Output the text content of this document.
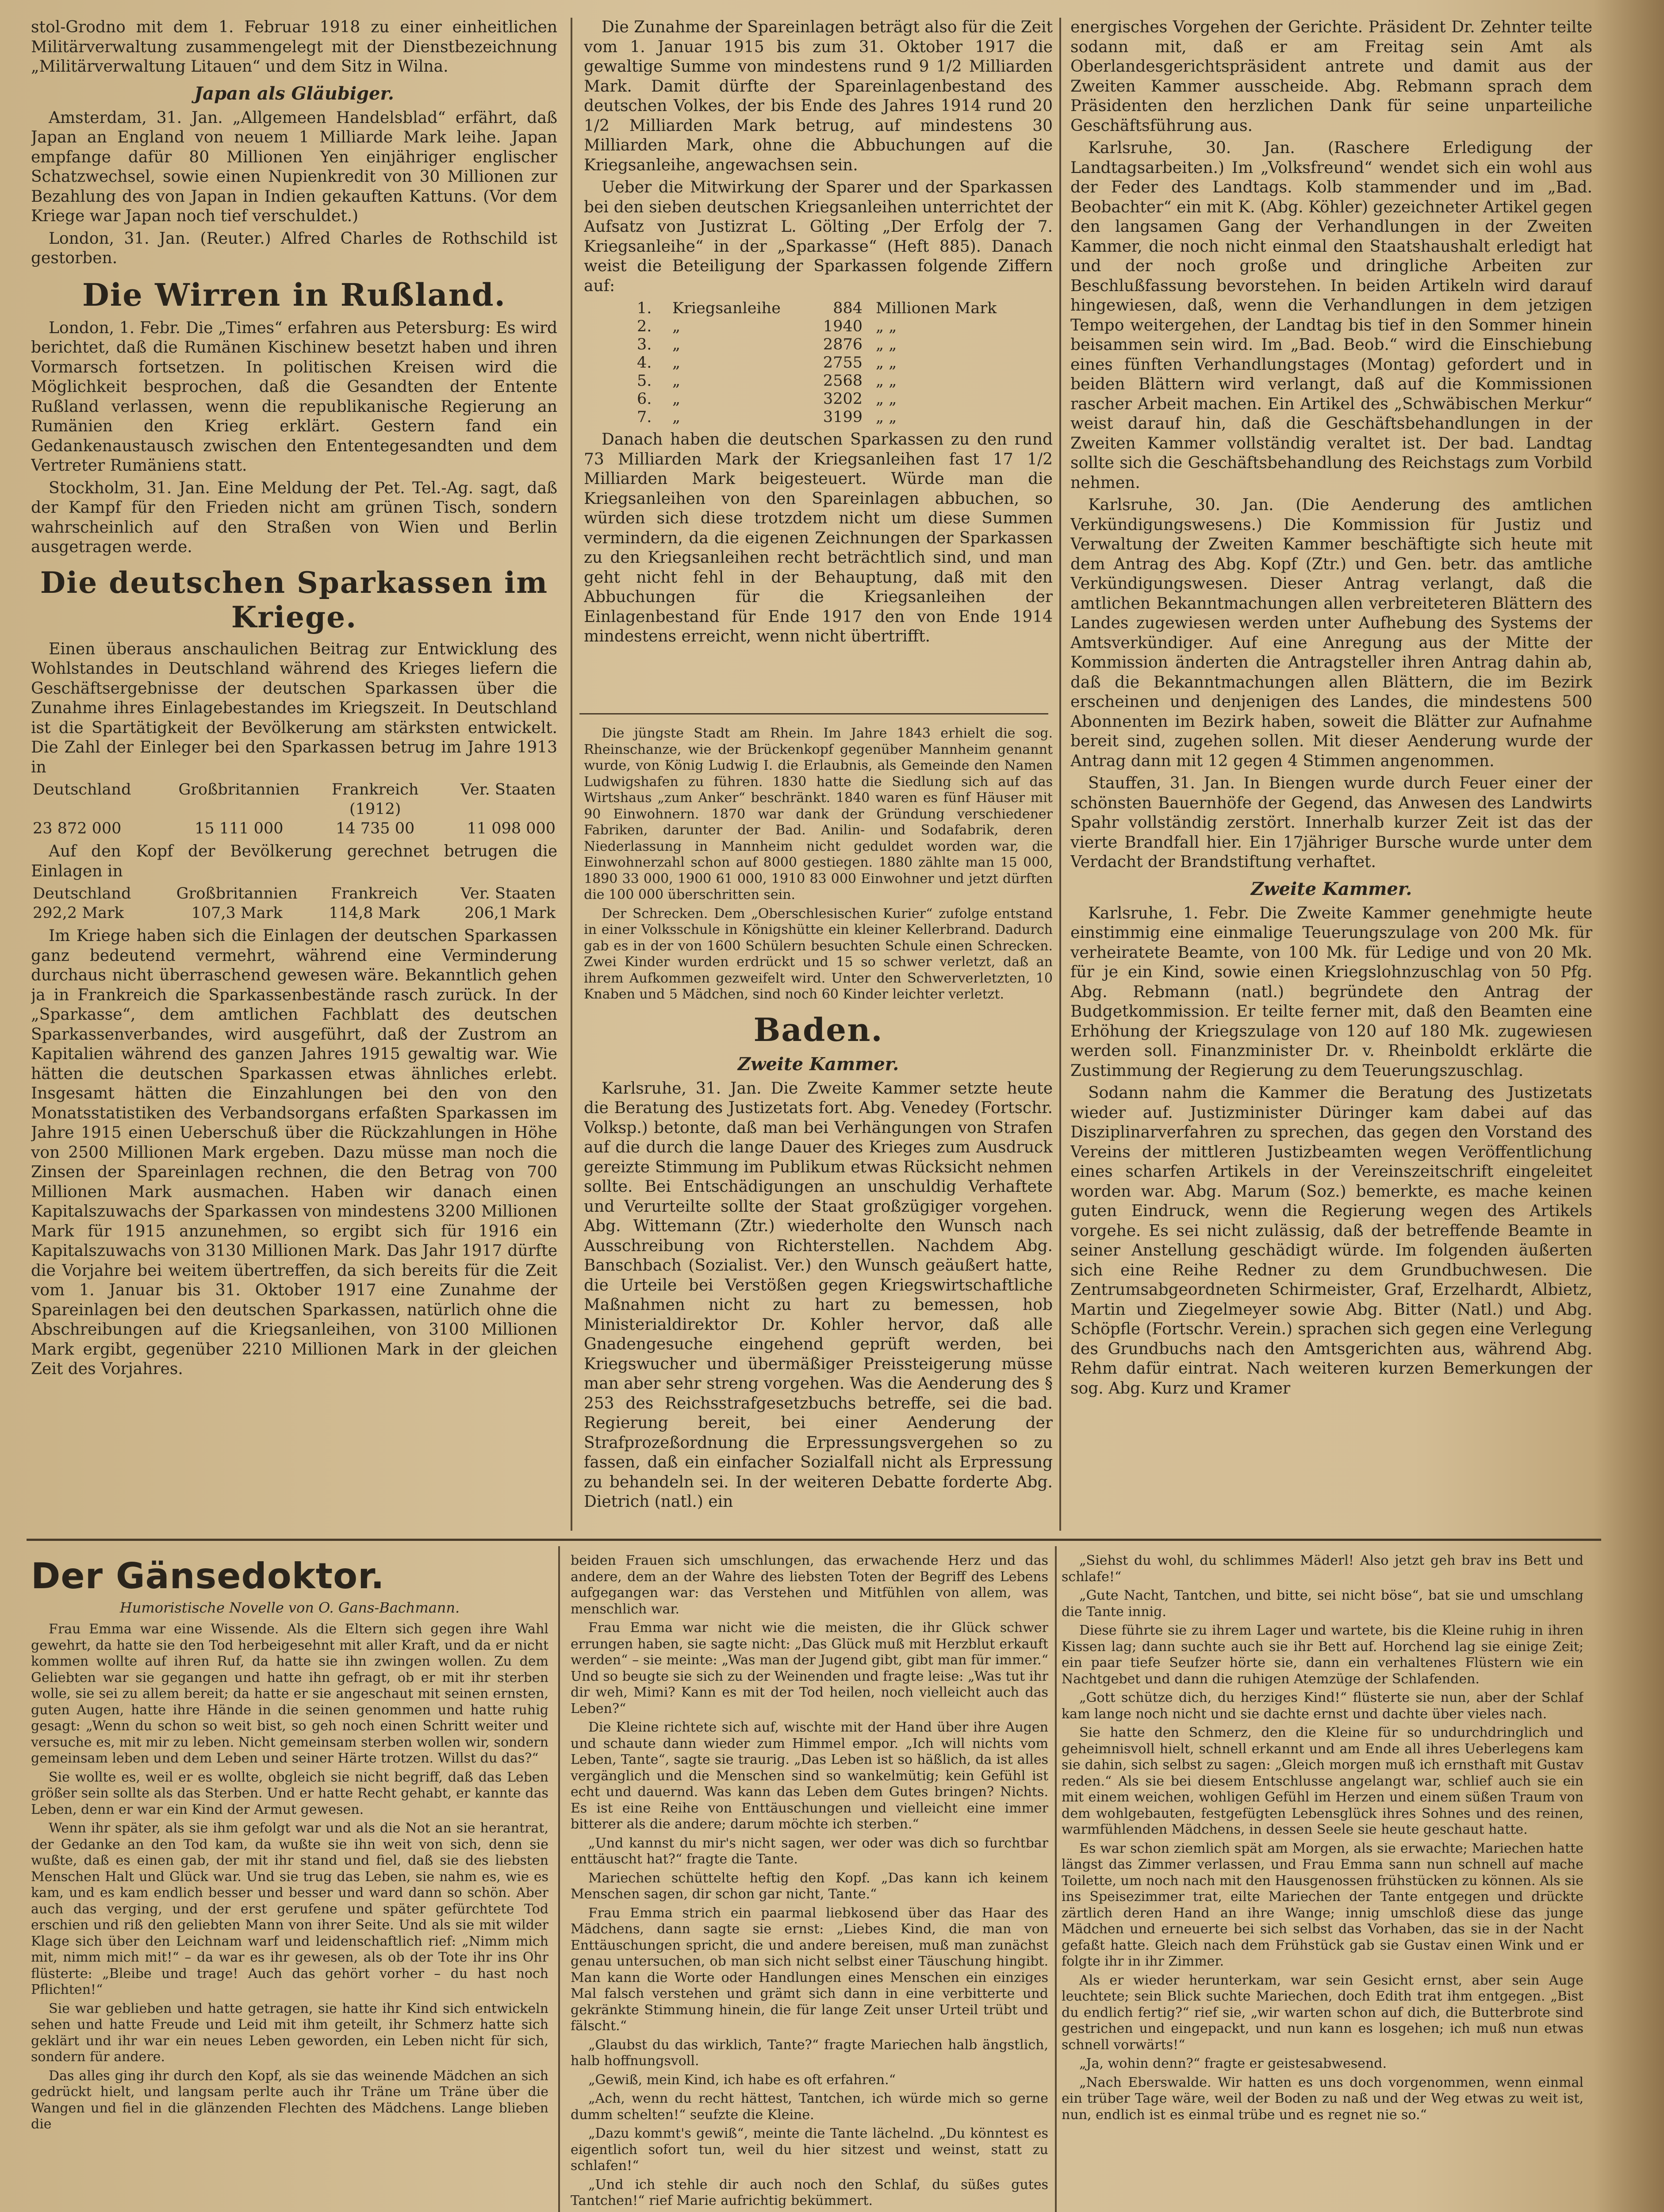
stol-Grodno mit dem 1. Februar 1918 zu einer einheitlichen Militärverwaltung zusammengelegt mit der Dienstbezeichnung „Militärverwaltung Litauen“ und dem Sitz in Wilna.

Japan als Gläubiger.

Amsterdam, 31. Jan. „Allgemeen Handelsblad“ erfährt, daß Japan an England von neuem 1 Milliarde Mark leihe. Japan empfange dafür 80 Millionen Yen einjähriger englischer Schatzwechsel, sowie einen Nupienkredit von 30 Millionen zur Bezahlung des von Japan in Indien gekauften Kattuns. (Vor dem Kriege war Japan noch tief verschuldet.)

London, 31. Jan. (Reuter.) Alfred Charles de Rothschild ist gestorben.

Die Wirren in Rußland.

London, 1. Febr. Die „Times“ erfahren aus Petersburg: Es wird berichtet, daß die Rumänen Kischinew besetzt haben und ihren Vormarsch fortsetzen. In politischen Kreisen wird die Möglichkeit besprochen, daß die Gesandten der Entente Rußland verlassen, wenn die republikanische Regierung an Rumänien den Krieg erklärt. Gestern fand ein Gedankenaustausch zwischen den Ententegesandten und dem Vertreter Rumäniens statt.

Stockholm, 31. Jan. Eine Meldung der Pet. Tel.-Ag. sagt, daß der Kampf für den Frieden nicht am grünen Tisch, sondern wahrscheinlich auf den Straßen von Wien und Berlin ausgetragen werde.

Die deutschen Sparkassen im Kriege.

Einen überaus anschaulichen Beitrag zur Entwicklung des Wohlstandes in Deutschland während des Krieges liefern die Geschäftsergebnisse der deutschen Sparkassen über die Zunahme ihres Einlagebestandes im Kriegszeit. In Deutschland ist die Spartätigkeit der Bevölkerung am stärksten entwickelt. Die Zahl der Einleger bei den Sparkassen betrug im Jahre 1913 in

Deutschland	Großbritannien	Frankreich	Ver. Staaten
		(1912)	
23 872 000	15 111 000	14 735 00	11 098 000

Auf den Kopf der Bevölkerung gerechnet betrugen die Einlagen in

Deutschland	Großbritannien	Frankreich	Ver. Staaten
292,2 Mark	107,3 Mark	114,8 Mark	206,1 Mark

Im Kriege haben sich die Einlagen der deutschen Sparkassen ganz bedeutend vermehrt, während eine Verminderung durchaus nicht überraschend gewesen wäre. Bekanntlich gehen ja in Frankreich die Sparkassenbestände rasch zurück. In der „Sparkasse“, dem amtlichen Fachblatt des deutschen Sparkassenverbandes, wird ausgeführt, daß der Zustrom an Kapitalien während des ganzen Jahres 1915 gewaltig war. Wie hätten die deutschen Sparkassen etwas ähnliches erlebt. Insgesamt hätten die Einzahlungen bei den von den Monatsstatistiken des Verbandsorgans erfaßten Sparkassen im Jahre 1915 einen Ueberschuß über die Rückzahlungen in Höhe von 2500 Millionen Mark ergeben. Dazu müsse man noch die Zinsen der Spareinlagen rechnen, die den Betrag von 700 Millionen Mark ausmachen. Haben wir danach einen Kapitalszuwachs der Sparkassen von mindestens 3200 Millionen Mark für 1915 anzunehmen, so ergibt sich für 1916 ein Kapitalszuwachs von 3130 Millionen Mark. Das Jahr 1917 dürfte die Vorjahre bei weitem übertreffen, da sich bereits für die Zeit vom 1. Januar bis 31. Oktober 1917 eine Zunahme der Spareinlagen bei den deutschen Sparkassen, natürlich ohne die Abschreibungen auf die Kriegsanleihen, von 3100 Millionen Mark ergibt, gegenüber 2210 Millionen Mark in der gleichen Zeit des Vorjahres.

Die Zunahme der Spareinlagen beträgt also für die Zeit vom 1. Januar 1915 bis zum 31. Oktober 1917 die gewaltige Summe von mindestens rund 9 1/2 Milliarden Mark. Damit dürfte der Spareinlagenbestand des deutschen Volkes, der bis Ende des Jahres 1914 rund 20 1/2 Milliarden Mark betrug, auf mindestens 30 Milliarden Mark, ohne die Abbuchungen auf die Kriegsanleihe, angewachsen sein.

Ueber die Mitwirkung der Sparer und der Sparkassen bei den sieben deutschen Kriegsanleihen unterrichtet der Aufsatz von Justizrat L. Gölting „Der Erfolg der 7. Kriegsanleihe“ in der „Sparkasse“ (Heft 885). Danach weist die Beteiligung der Sparkassen folgende Ziffern auf:

1.	Kriegsanleihe	884 Millionen Mark
2.	„	1940 „ „
3.	„	2876 „ „
4.	„	2755 „ „
5.	„	2568 „ „
6.	„	3202 „ „
7.	„	3199 „ „

Danach haben die deutschen Sparkassen zu den rund 73 Milliarden Mark der Kriegsanleihen fast 17 1/2 Milliarden Mark beigesteuert. Würde man die Kriegsanleihen von den Spareinlagen abbuchen, so würden sich diese trotzdem nicht um diese Summen vermindern, da die eigenen Zeichnungen der Sparkassen zu den Kriegsanleihen recht beträchtlich sind, und man geht nicht fehl in der Behauptung, daß mit den Abbuchungen für die Kriegsanleihen der Einlagenbestand für Ende 1917 den von Ende 1914 mindestens erreicht, wenn nicht übertrifft.

Die jüngste Stadt am Rhein. Im Jahre 1843 erhielt die sog. Rheinschanze, wie der Brückenkopf gegenüber Mannheim genannt wurde, von König Ludwig I. die Erlaubnis, als Gemeinde den Namen Ludwigshafen zu führen. 1830 hatte die Siedlung sich auf das Wirtshaus „zum Anker“ beschränkt. 1840 waren es fünf Häuser mit 90 Einwohnern. 1870 war dank der Gründung verschiedener Fabriken, darunter der Bad. Anilin- und Sodafabrik, deren Niederlassung in Mannheim nicht geduldet worden war, die Einwohnerzahl schon auf 8000 gestiegen. 1880 zählte man 15 000, 1890 33 000, 1900 61 000, 1910 83 000 Einwohner und jetzt dürften die 100 000 überschritten sein.

Der Schrecken. Dem „Oberschlesischen Kurier“ zufolge entstand in einer Volksschule in Königshütte ein kleiner Kellerbrand. Dadurch gab es in der von 1600 Schülern besuchten Schule einen Schrecken. Zwei Kinder wurden erdrückt und 15 so schwer verletzt, daß an ihrem Aufkommen gezweifelt wird. Unter den Schwerverletzten, 10 Knaben und 5 Mädchen, sind noch 60 Kinder leichter verletzt.

Baden.
Zweite Kammer.

Karlsruhe, 31. Jan. Die Zweite Kammer setzte heute die Beratung des Justizetats fort. Abg. Venedey (Fortschr. Volksp.) betonte, daß man bei Verhängungen von Strafen auf die durch die lange Dauer des Krieges zum Ausdruck gereizte Stimmung im Publikum etwas Rücksicht nehmen sollte. Bei Entschädigungen an unschuldig Verhaftete und Verurteilte sollte der Staat großzügiger vorgehen. Abg. Wittemann (Ztr.) wiederholte den Wunsch nach Ausschreibung von Richterstellen. Nachdem Abg. Banschbach (Sozialist. Ver.) den Wunsch geäußert hatte, die Urteile bei Verstößen gegen Kriegswirtschaftliche Maßnahmen nicht zu hart zu bemessen, hob Ministerialdirektor Dr. Kohler hervor, daß alle Gnadengesuche eingehend geprüft werden, bei Kriegswucher und übermäßiger Preissteigerung müsse man aber sehr streng vorgehen. Was die Aenderung des § 253 des Reichsstrafgesetzbuchs betreffe, sei die bad. Regierung bereit, bei einer Aenderung der Strafprozeßordnung die Erpressungsvergehen so zu fassen, daß ein einfacher Sozialfall nicht als Erpressung zu behandeln sei. In der weiteren Debatte forderte Abg. Dietrich (natl.) ein

energisches Vorgehen der Gerichte. Präsident Dr. Zehnter teilte sodann mit, daß er am Freitag sein Amt als Oberlandesgerichtspräsident antrete und damit aus der Zweiten Kammer ausscheide. Abg. Rebmann sprach dem Präsidenten den herzlichen Dank für seine unparteiliche Geschäftsführung aus.

Karlsruhe, 30. Jan. (Raschere Erledigung der Landtagsarbeiten.) Im „Volksfreund“ wendet sich ein wohl aus der Feder des Landtags. Kolb stammender und im „Bad. Beobachter“ ein mit K. (Abg. Köhler) gezeichneter Artikel gegen den langsamen Gang der Verhandlungen in der Zweiten Kammer, die noch nicht einmal den Staatshaushalt erledigt hat und der noch große und dringliche Arbeiten zur Beschlußfassung bevorstehen. In beiden Artikeln wird darauf hingewiesen, daß, wenn die Verhandlungen in dem jetzigen Tempo weitergehen, der Landtag bis tief in den Sommer hinein beisammen sein wird. Im „Bad. Beob.“ wird die Einschiebung eines fünften Verhandlungstages (Montag) gefordert und in beiden Blättern wird verlangt, daß auf die Kommissionen rascher Arbeit machen. Ein Artikel des „Schwäbischen Merkur“ weist darauf hin, daß die Geschäftsbehandlungen in der Zweiten Kammer vollständig veraltet ist. Der bad. Landtag sollte sich die Geschäftsbehandlung des Reichstags zum Vorbild nehmen.

Karlsruhe, 30. Jan. (Die Aenderung des amtlichen Verkündigungswesens.) Die Kommission für Justiz und Verwaltung der Zweiten Kammer beschäftigte sich heute mit dem Antrag des Abg. Kopf (Ztr.) und Gen. betr. das amtliche Verkündigungswesen. Dieser Antrag verlangt, daß die amtlichen Bekanntmachungen allen verbreiteteren Blättern des Landes zugewiesen werden unter Aufhebung des Systems der Amtsverkündiger. Auf eine Anregung aus der Mitte der Kommission änderten die Antragsteller ihren Antrag dahin ab, daß die Bekanntmachungen allen Blättern, die im Bezirk erscheinen und denjenigen des Landes, die mindestens 500 Abonnenten im Bezirk haben, soweit die Blätter zur Aufnahme bereit sind, zugehen sollen. Mit dieser Aenderung wurde der Antrag dann mit 12 gegen 4 Stimmen angenommen.

Stauffen, 31. Jan. In Biengen wurde durch Feuer einer der schönsten Bauernhöfe der Gegend, das Anwesen des Landwirts Spahr vollständig zerstört. Innerhalb kurzer Zeit ist das der vierte Brandfall hier. Ein 17jähriger Bursche wurde unter dem Verdacht der Brandstiftung verhaftet.

Zweite Kammer.

Karlsruhe, 1. Febr. Die Zweite Kammer genehmigte heute einstimmig eine einmalige Teuerungszulage von 200 Mk. für verheiratete Beamte, von 100 Mk. für Ledige und von 20 Mk. für je ein Kind, sowie einen Kriegslohnzuschlag von 50 Pfg. Abg. Rebmann (natl.) begründete den Antrag der Budgetkommission. Er teilte ferner mit, daß den Beamten eine Erhöhung der Kriegszulage von 120 auf 180 Mk. zugewiesen werden soll. Finanzminister Dr. v. Rheinboldt erklärte die Zustimmung der Regierung zu dem Teuerungszuschlag.

Sodann nahm die Kammer die Beratung des Justizetats wieder auf. Justizminister Düringer kam dabei auf das Disziplinarverfahren zu sprechen, das gegen den Vorstand des Vereins der mittleren Justizbeamten wegen Veröffentlichung eines scharfen Artikels in der Vereinszeitschrift eingeleitet worden war. Abg. Marum (Soz.) bemerkte, es mache keinen guten Eindruck, wenn die Regierung wegen des Artikels vorgehe. Es sei nicht zulässig, daß der betreffende Beamte in seiner Anstellung geschädigt würde. Im folgenden äußerten sich eine Reihe Redner zu dem Grundbuchwesen. Die Zentrumsabgeordneten Schirmeister, Graf, Erzelhardt, Albietz, Martin und Ziegelmeyer sowie Abg. Bitter (Natl.) und Abg. Schöpfle (Fortschr. Verein.) sprachen sich gegen eine Verlegung des Grundbuchs nach den Amtsgerichten aus, während Abg. Rehm dafür eintrat. Nach weiteren kurzen Bemerkungen der sog. Abg. Kurz und Kramer

Der Gänsedoktor.
Humoristische Novelle von O. Gans-Bachmann.

Frau Emma war eine Wissende. Als die Eltern sich gegen ihre Wahl gewehrt, da hatte sie den Tod herbeigesehnt mit aller Kraft, und da er nicht kommen wollte auf ihren Ruf, da hatte sie ihn zwingen wollen. Zu dem Geliebten war sie gegangen und hatte ihn gefragt, ob er mit ihr sterben wolle, sie sei zu allem bereit; da hatte er sie angeschaut mit seinen ernsten, guten Augen, hatte ihre Hände in die seinen genommen und hatte ruhig gesagt: „Wenn du schon so weit bist, so geh noch einen Schritt weiter und versuche es, mit mir zu leben. Nicht gemeinsam sterben wollen wir, sondern gemeinsam leben und dem Leben und seiner Härte trotzen. Willst du das?“

Sie wollte es, weil er es wollte, obgleich sie nicht begriff, daß das Leben größer sein sollte als das Sterben. Und er hatte Recht gehabt, er kannte das Leben, denn er war ein Kind der Armut gewesen.

Wenn ihr später, als sie ihm gefolgt war und als die Not an sie herantrat, der Gedanke an den Tod kam, da wußte sie ihn weit von sich, denn sie wußte, daß es einen gab, der mit ihr stand und fiel, daß sie des liebsten Menschen Halt und Glück war. Und sie trug das Leben, sie nahm es, wie es kam, und es kam endlich besser und besser und ward dann so schön. Aber auch das verging, und der erst gerufene und später gefürchtete Tod erschien und riß den geliebten Mann von ihrer Seite. Und als sie mit wilder Klage sich über den Leichnam warf und leidenschaftlich rief: „Nimm mich mit, nimm mich mit!“ – da war es ihr gewesen, als ob der Tote ihr ins Ohr flüsterte: „Bleibe und trage! Auch das gehört vorher – du hast noch Pflichten!“

Sie war geblieben und hatte getragen, sie hatte ihr Kind sich entwickeln sehen und hatte Freude und Leid mit ihm geteilt, ihr Schmerz hatte sich geklärt und ihr war ein neues Leben geworden, ein Leben nicht für sich, sondern für andere.

Das alles ging ihr durch den Kopf, als sie das weinende Mädchen an sich gedrückt hielt, und langsam perlte auch ihr Träne um Träne über die Wangen und fiel in die glänzenden Flechten des Mädchens. Lange blieben die

beiden Frauen sich umschlungen, das erwachende Herz und das andere, dem an der Wahre des liebsten Toten der Begriff des Lebens aufgegangen war: das Verstehen und Mitfühlen von allem, was menschlich war.

Frau Emma war nicht wie die meisten, die ihr Glück schwer errungen haben, sie sagte nicht: „Das Glück muß mit Herzblut erkauft werden“ – sie meinte: „Was man der Jugend gibt, gibt man für immer.“ Und so beugte sie sich zu der Weinenden und fragte leise: „Was tut ihr dir weh, Mimi? Kann es mit der Tod heilen, noch vielleicht auch das Leben?“

Die Kleine richtete sich auf, wischte mit der Hand über ihre Augen und schaute dann wieder zum Himmel empor. „Ich will nichts vom Leben, Tante“, sagte sie traurig. „Das Leben ist so häßlich, da ist alles vergänglich und die Menschen sind so wankelmütig; kein Gefühl ist echt und dauernd. Was kann das Leben dem Gutes bringen? Nichts. Es ist eine Reihe von Enttäuschungen und vielleicht eine immer bitterer als die andere; darum möchte ich sterben.“

„Und kannst du mir's nicht sagen, wer oder was dich so furchtbar enttäuscht hat?“ fragte die Tante.

Mariechen schüttelte heftig den Kopf. „Das kann ich keinem Menschen sagen, dir schon gar nicht, Tante.“

Frau Emma strich ein paarmal liebkosend über das Haar des Mädchens, dann sagte sie ernst: „Liebes Kind, die man von Enttäuschungen spricht, die und andere bereisen, muß man zunächst genau untersuchen, ob man sich nicht selbst einer Täuschung hingibt. Man kann die Worte oder Handlungen eines Menschen ein einziges Mal falsch verstehen und grämt sich dann in eine verbitterte und gekränkte Stimmung hinein, die für lange Zeit unser Urteil trübt und fälscht.“

„Glaubst du das wirklich, Tante?“ fragte Mariechen halb ängstlich, halb hoffnungsvoll.

„Gewiß, mein Kind, ich habe es oft erfahren.“

„Ach, wenn du recht hättest, Tantchen, ich würde mich so gerne dumm schelten!“ seufzte die Kleine.

„Dazu kommt's gewiß“, meinte die Tante lächelnd. „Du könntest es eigentlich sofort tun, weil du hier sitzest und weinst, statt zu schlafen!“

„Und ich stehle dir auch noch den Schlaf, du süßes gutes Tantchen!“ rief Marie aufrichtig bekümmert.

„Siehst du wohl, du schlimmes Mäderl! Also jetzt geh brav ins Bett und schlafe!“

„Gute Nacht, Tantchen, und bitte, sei nicht böse“, bat sie und umschlang die Tante innig.

Diese führte sie zu ihrem Lager und wartete, bis die Kleine ruhig in ihren Kissen lag; dann suchte auch sie ihr Bett auf. Horchend lag sie einige Zeit; ein paar tiefe Seufzer hörte sie, dann ein verhaltenes Flüstern wie ein Nachtgebet und dann die ruhigen Atemzüge der Schlafenden.

„Gott schütze dich, du herziges Kind!“ flüsterte sie nun, aber der Schlaf kam lange noch nicht und sie dachte ernst und dachte über vieles nach.

Sie hatte den Schmerz, den die Kleine für so undurchdringlich und geheimnisvoll hielt, schnell erkannt und am Ende all ihres Ueberlegens kam sie dahin, sich selbst zu sagen: „Gleich morgen muß ich ernsthaft mit Gustav reden.“ Als sie bei diesem Entschlusse angelangt war, schlief auch sie ein mit einem weichen, wohligen Gefühl im Herzen und einem süßen Traum von dem wohlgebauten, festgefügten Lebensglück ihres Sohnes und des reinen, warmfühlenden Mädchens, in dessen Seele sie heute geschaut hatte.

Es war schon ziemlich spät am Morgen, als sie erwachte; Mariechen hatte längst das Zimmer verlassen, und Frau Emma sann nun schnell auf mache Toilette, um noch nach mit den Hausgenossen frühstücken zu können. Als sie ins Speisezimmer trat, eilte Mariechen der Tante entgegen und drückte zärtlich deren Hand an ihre Wange; innig umschloß diese das junge Mädchen und erneuerte bei sich selbst das Vorhaben, das sie in der Nacht gefaßt hatte. Gleich nach dem Frühstück gab sie Gustav einen Wink und er folgte ihr in ihr Zimmer.

Als er wieder herunterkam, war sein Gesicht ernst, aber sein Auge leuchtete; sein Blick suchte Mariechen, doch Edith trat ihm entgegen. „Bist du endlich fertig?“ rief sie, „wir warten schon auf dich, die Butterbrote sind gestrichen und eingepackt, und nun kann es losgehen; ich muß nun etwas schnell vorwärts!“

„Ja, wohin denn?“ fragte er geistesabwesend.

„Nach Eberswalde. Wir hatten es uns doch vorgenommen, wenn einmal ein trüber Tage wäre, weil der Boden zu naß und der Weg etwas zu weit ist, nun, endlich ist es einmal trübe und es regnet nie so.“
